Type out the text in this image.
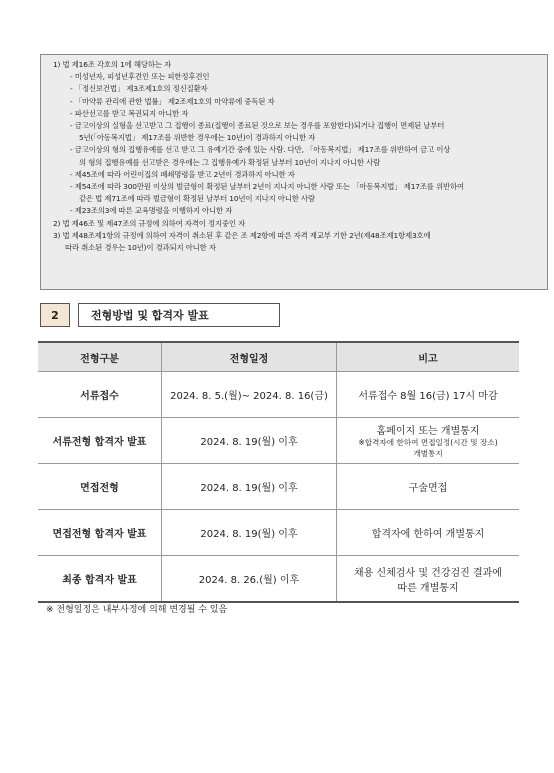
1) 법 제16조 각호의 1에 해당하는 자
- 미성년자, 피성년후견인 또는 피한정후견인
- 「정신보건법」 제3조제1호의 정신질환자
- 「마약류 관리에 관한 법률」 제2조제1호의 마약류에 중독된 자
- 파산선고를 받고 복권되지 아니한 자
- 금고이상의 실형을 선고받고 그 집행이 종료(집행이 종료된 것으로 보는 경우를 포함한다)되거나 집행이 면제된 날부터
5년(「아동복지법」 제17조를 위반한 경우에는 10년)이 경과하지 아니한 자
- 금고이상의 형의 집행유예를 선고 받고 그 유예기간 중에 있는 사람. 다만, 「아동복지법」 제17조를 위반하여 금고 이상
의 형의 집행유예를 선고받은 경우에는 그 집행유예가 확정된 날부터 10년이 지나지 아니한 사람
- 제45조에 따라 어린이집의 폐쇄명령을 받고 2년이 경과하지 아니한 자
- 제54조에 따라 300만원 이상의 벌금형이 확정된 날부터 2년이 지나지 아니한 사람 또는 「아동복지법」 제17조를 위반하여
같은 법 제71조에 따라 벌금형이 확정된 날부터 10년이 지나지 아니한 사람
- 제23조의3에 따른 교육명령을 이행하지 아니한 자
2) 법 제46조 및 제47조의 규정에 의하여 자격이 정지중인 자
3) 법 제48조제1항의 규정에 의하여 자격이 취소된 후 같은 조 제2항에 따른 자격 재교부 기한 2년(제48조제1항제3호에
따라 취소된 경우는 10년)이 경과되지 아니한 자
2	전형방법 및 합격자 발표
전형구분	전형일정	비고
서류접수	2024. 8. 5.(월)~ 2024. 8. 16(금)	서류접수 8월 16(금) 17시 마감
서류전형 합격자 발표	2024. 8. 19(월) 이후	홈페이지 또는 개별통지
※합격자에 한하여 면접일정(시간 및 장소)
개별통지

면접전형	2024. 8. 19(월) 이후	구술면접
면접전형 합격자 발표	2024. 8. 19(월) 이후	합격자에 한하여 개별통지
최종 합격자 발표	2024. 8. 26.(월) 이후	채용 신체검사 및 건강검진 결과에
따른 개별통지
※ 전형일정은 내부사정에 의해 변경될 수 있음
